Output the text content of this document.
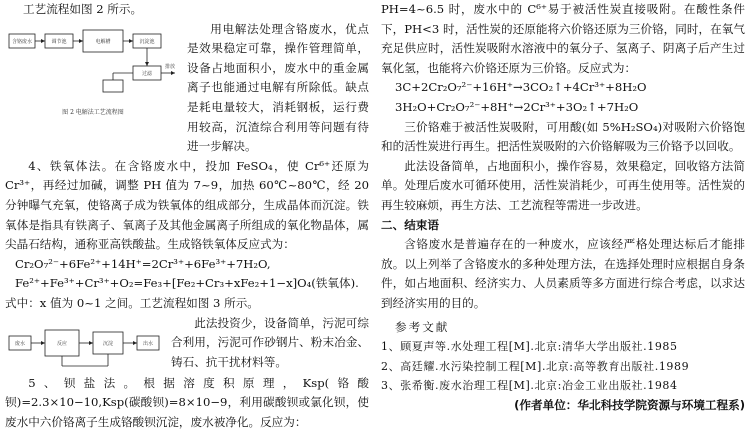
工艺流程如图 2 所示。

含铬废水	调节池	电解槽	沉淀池
过滤
排放
图 2 电解法工艺流程图

用电解法处理含铬废水，优点是效果稳定可靠，操作管理简单，设备占地面积小，废水中的重金属离子也能通过电解有所除低。缺点是耗电量较大，消耗钢板，运行费用较高，沉渣综合利用等问题有待进一步解决。

4、铁氧体法。在含铬废水中，投加 FeSO₄，使 Cr⁶⁺还原为 Cr³⁺，再经过加碱，调整 PH 值为 7~9，加热 60℃~80℃，经 20 分钟曝气充氧，使铬离子成为铁氧体的组成部分，生成晶体而沉淀。铁氧体是指具有铁离子、氧离子及其他金属离子所组成的氧化物晶体，属尖晶石结构，通称亚高铁酸盐。生成铬铁氧体反应式为：

Cr₂O₇²⁻+6Fe²⁺+14H⁺=2Cr³⁺+6Fe³⁺+7H₂O,
Fe²⁺+Fe³⁺+Cr³⁺+O₂=Fe₃+[Fe₂+Cr₃+xFe₂+1−x]O₄(铁氧体).

式中：x 值为 0~1 之间。工艺流程如图 3 所示。

废水	反应	沉淀	出水

此法投资少，设备简单，污泥可综合利用，污泥可作砂钢片、粉末冶金、铸石、抗干扰材料等。

5、钡盐法。根据溶度积原理，Ksp(铬酸钡)=2.3×10−10,Ksp(碳酸钡)=8×10−9，利用碳酸钡或氯化钡，使废水中六价铬离子生成铬酸钡沉淀，废水被净化。反应为：

PH=4~6.5 时，废水中的 C⁶⁺易于被活性炭直接吸附。在酸性条件下，PH<3 时，活性炭的还原能将六价铬还原为三价铬，同时，在氧气充足供应时，活性炭吸附水溶液中的氧分子、氢离子、阴离子后产生过氧化氢，也能将六价铬还原为三价铬。反应式为：

3C+2Cr₂O₇²⁻+16H⁺→3CO₂↑+4Cr³⁺+8H₂O
3H₂O+Cr₂O₇²⁻+8H⁺→2Cr³⁺+3O₂↑+7H₂O

三价铬难于被活性炭吸附，可用酸(如 5%H₂SO₄)对吸附六价铬饱和的活性炭进行再生。把活性炭吸附的六价铬解吸为三价铬予以回收。

此法设备简单，占地面积小，操作容易，效果稳定，回收铬方法简单。处理后废水可循环使用，活性炭消耗少，可再生使用等。活性炭的再生较麻烦，再生方法、工艺流程等需进一步改进。

二、结束语

含铬废水是普遍存在的一种废水，应该经严格处理达标后才能排放。以上列举了含铬废水的多种处理方法，在选择处理时应根据自身条件，如占地面积、经济实力、人员素质等多方面进行综合考虑，以求达到经济实用的目的。

参考文献

1、顾夏声等.水处理工程[M].北京:清华大学出版社.1985
2、高廷耀.水污染控制工程[M].北京:高等教育出版社.1989
3、张希衡.废水治理工程[M].北京:冶金工业出版社.1984
(作者单位：华北科技学院资源与环境工程系)
